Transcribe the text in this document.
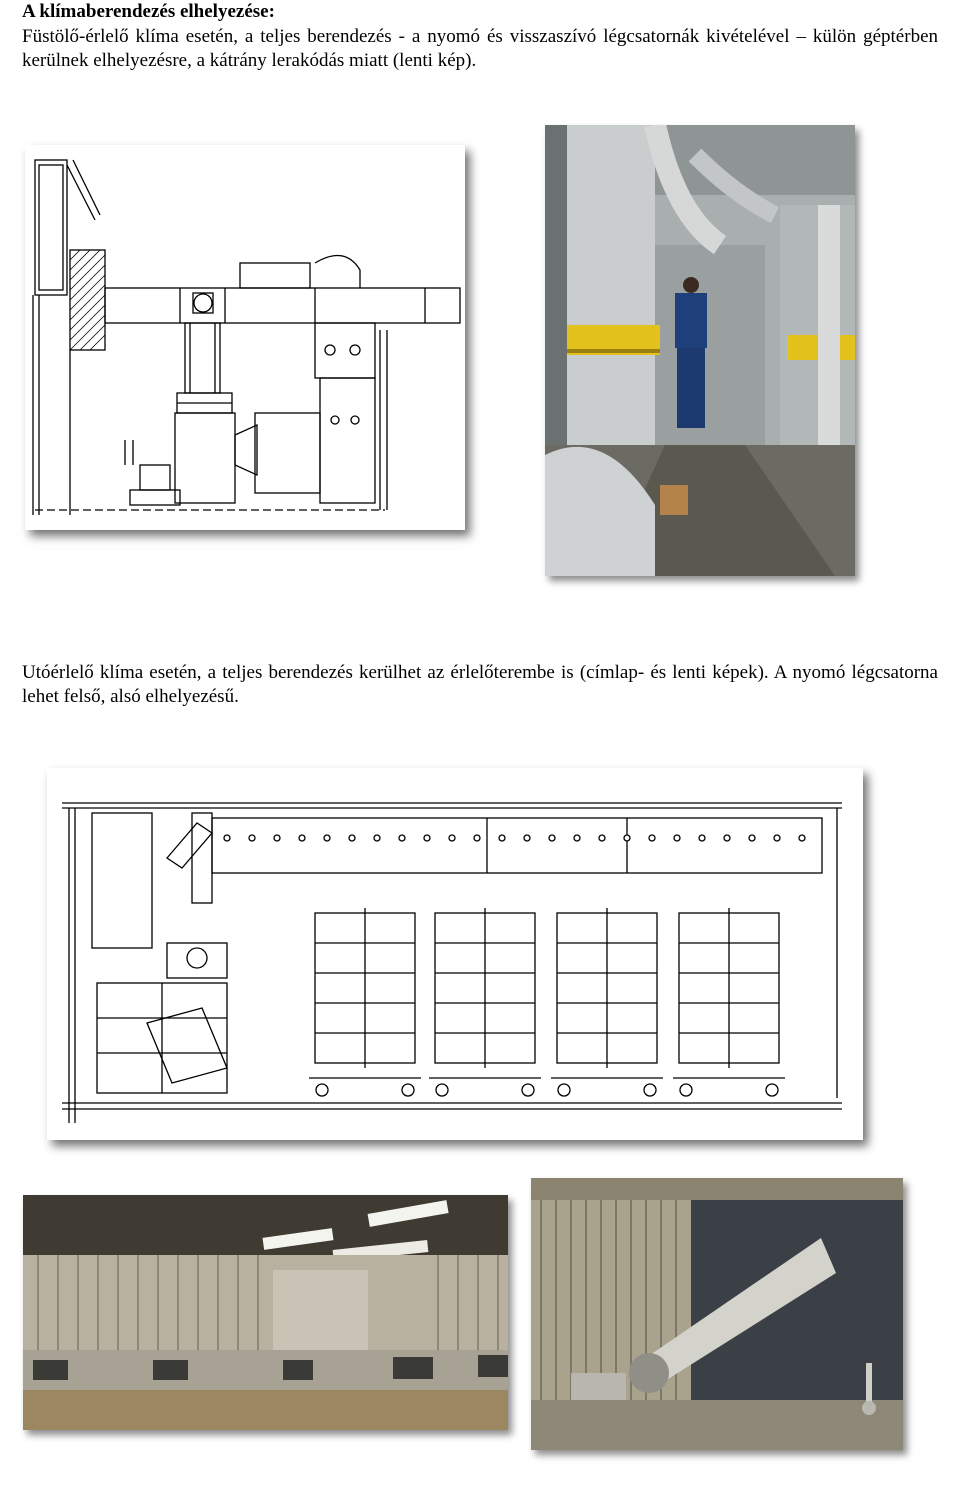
A klímaberendezés elhelyezése:

Füstölő-érlelő klíma esetén, a teljes berendezés - a nyomó és visszaszívó légcsatornák kivételével – külön géptérben kerülnek elhelyezésre, a kátrány lerakódás miatt (lenti kép).

Utóérlelő klíma esetén, a teljes berendezés kerülhet az érlelőterembe is (címlap- és lenti képek). A nyomó légcsatorna lehet felső, alsó elhelyezésű.
